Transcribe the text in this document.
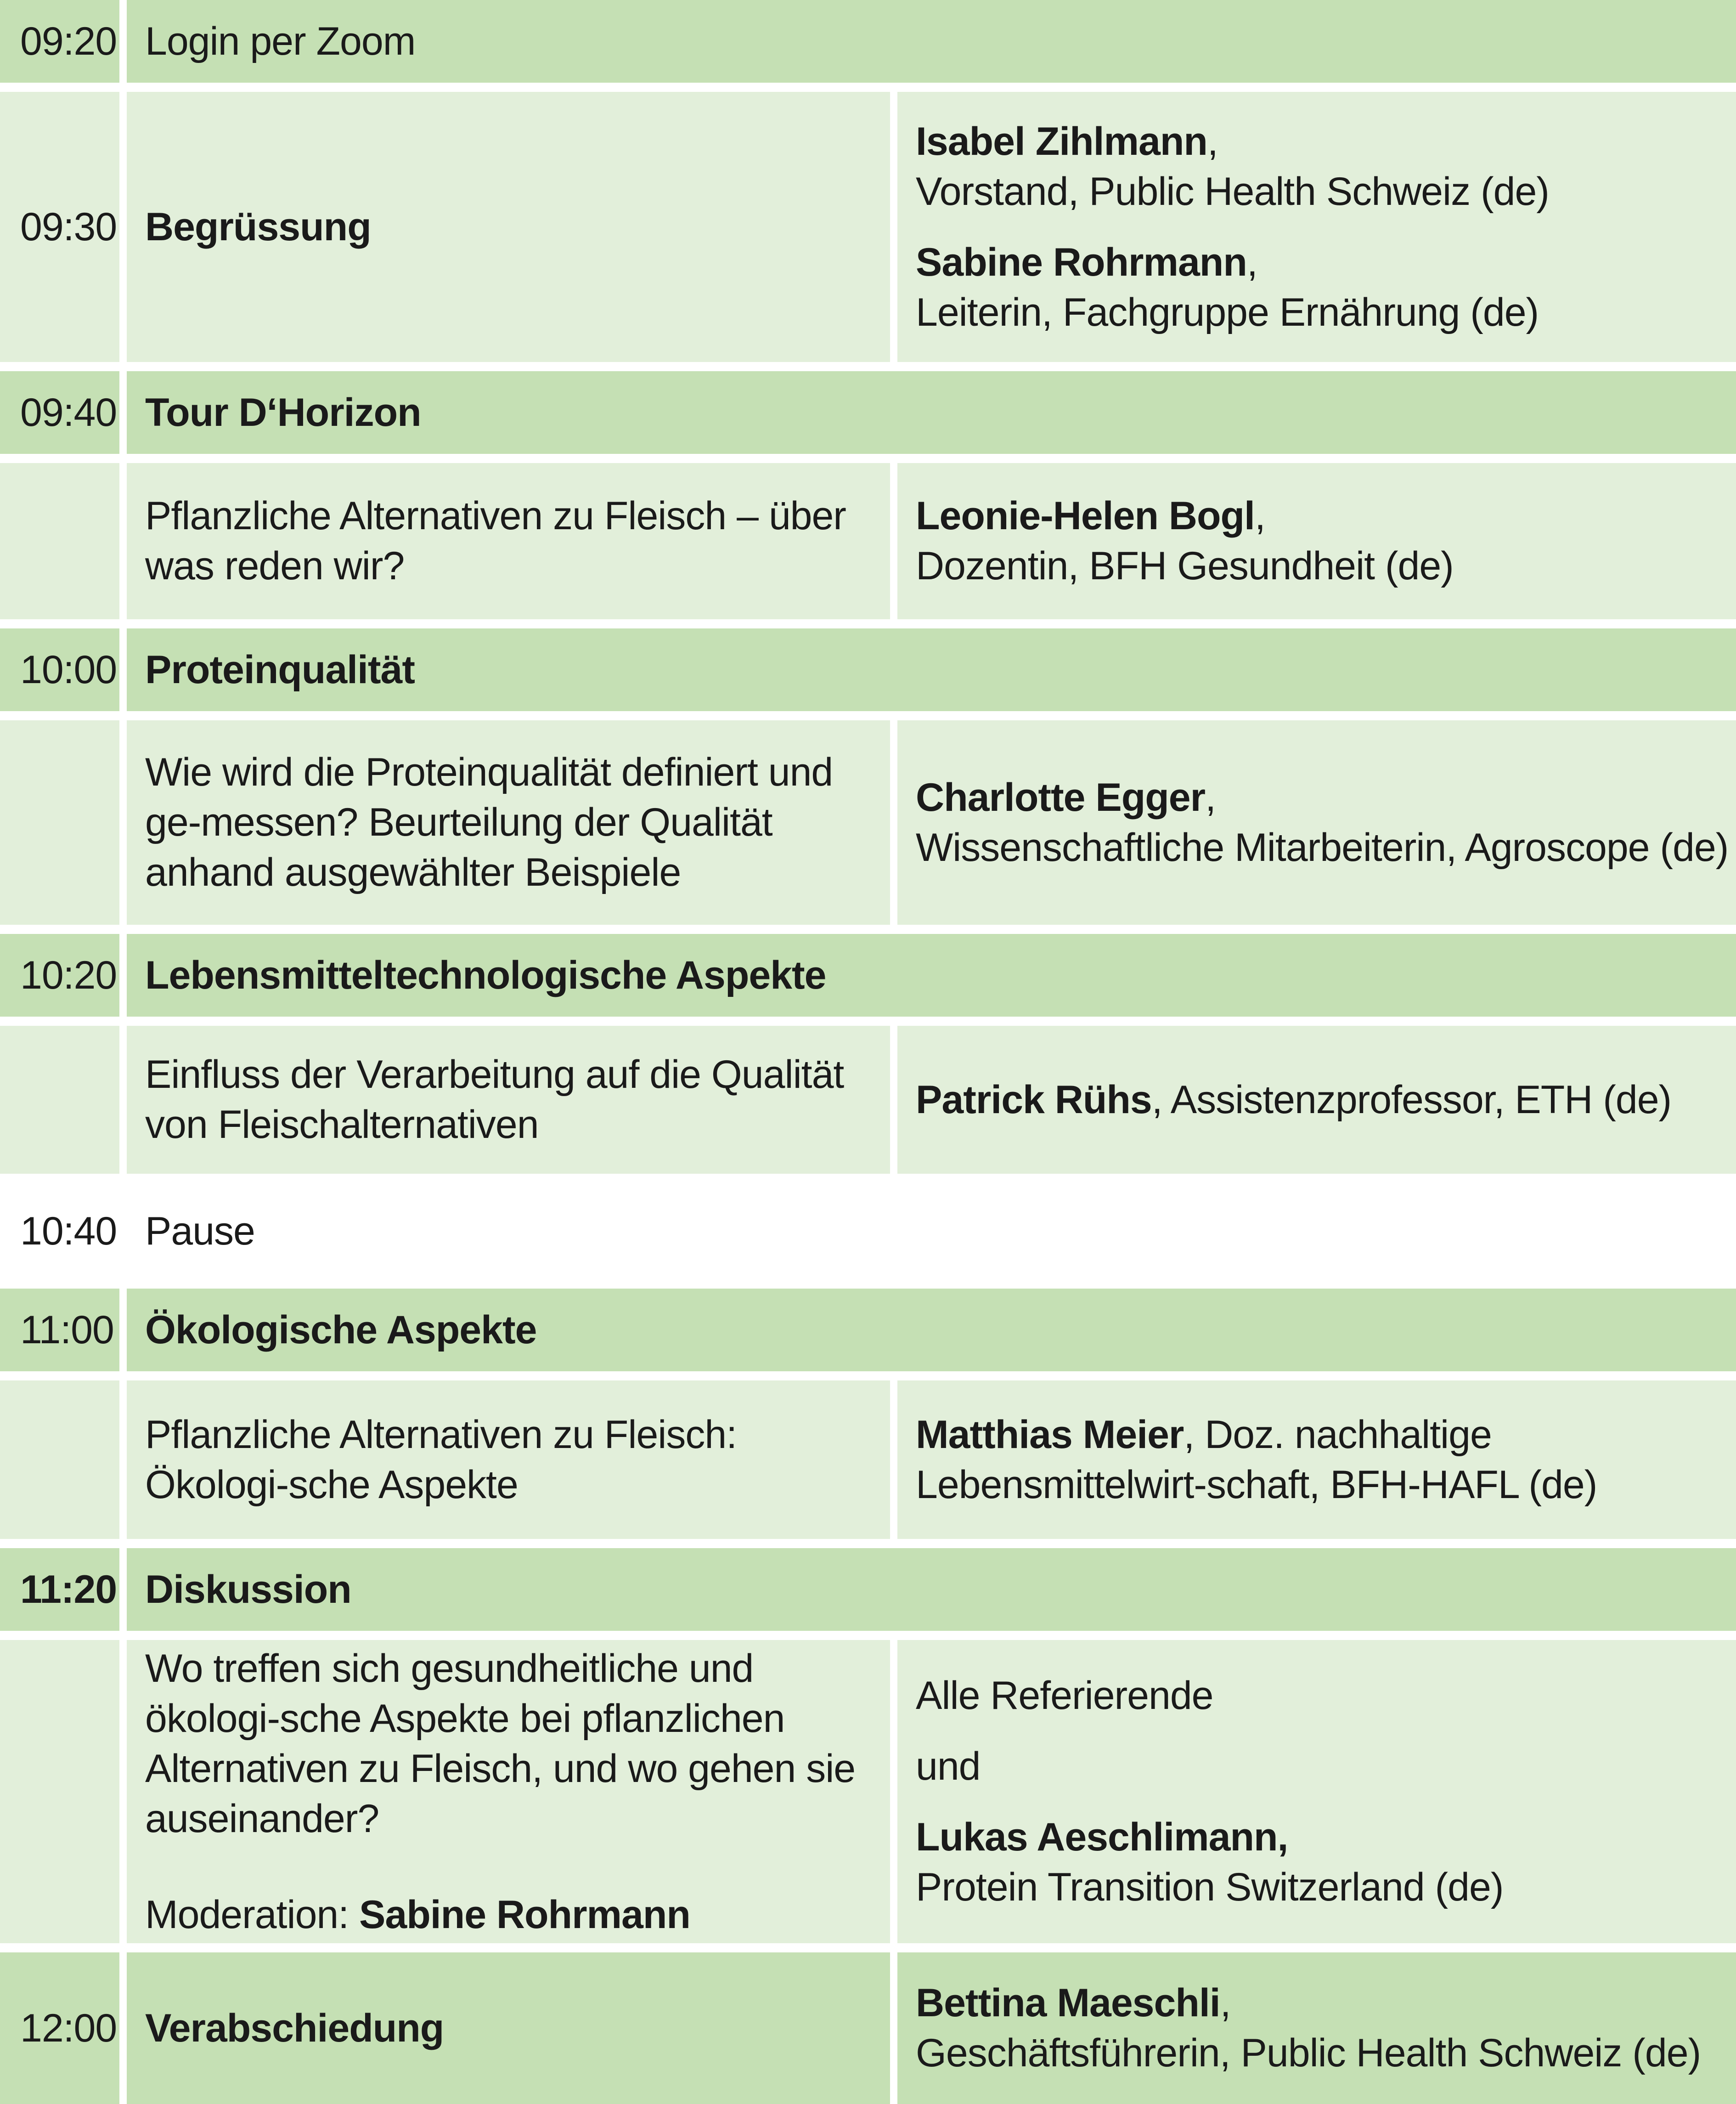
09:20 Login per Zoom
09:30 Begrüssung
Isabel Zihlmann,
Vorstand, Public Health Schweiz (de)
Sabine Rohrmann,
Leiterin, Fachgruppe Ernährung (de)
09:40 Tour D‘Horizon
Pflanzliche Alternativen zu Fleisch – über was reden wir?
Leonie-Helen Bogl,
Dozentin, BFH Gesundheit (de)
10:00 Proteinqualität
Wie wird die Proteinqualität definiert und ge-messen? Beurteilung der Qualität anhand ausgewählter Beispiele
Charlotte Egger,
Wissenschaftliche Mitarbeiterin, Agroscope (de)
10:20 Lebensmitteltechnologische Aspekte
Einfluss der Verarbeitung auf die Qualität von Fleischalternativen
Patrick Rühs, Assistenzprofessor, ETH (de)
10:40 Pause
11:00 Ökologische Aspekte
Pflanzliche Alternativen zu Fleisch: Ökologi-sche Aspekte
Matthias Meier, Doz. nachhaltige Lebensmittelwirt-schaft, BFH-HAFL (de)
11:20 Diskussion
Wo treffen sich gesundheitliche und ökologi-sche Aspekte bei pflanzlichen Alternativen zu Fleisch, und wo gehen sie auseinander?
Moderation: Sabine Rohrmann
Alle Referierende
und
Lukas Aeschlimann,
Protein Transition Switzerland (de)
12:00 Verabschiedung
Bettina Maeschli,
Geschäftsführerin, Public Health Schweiz (de)
